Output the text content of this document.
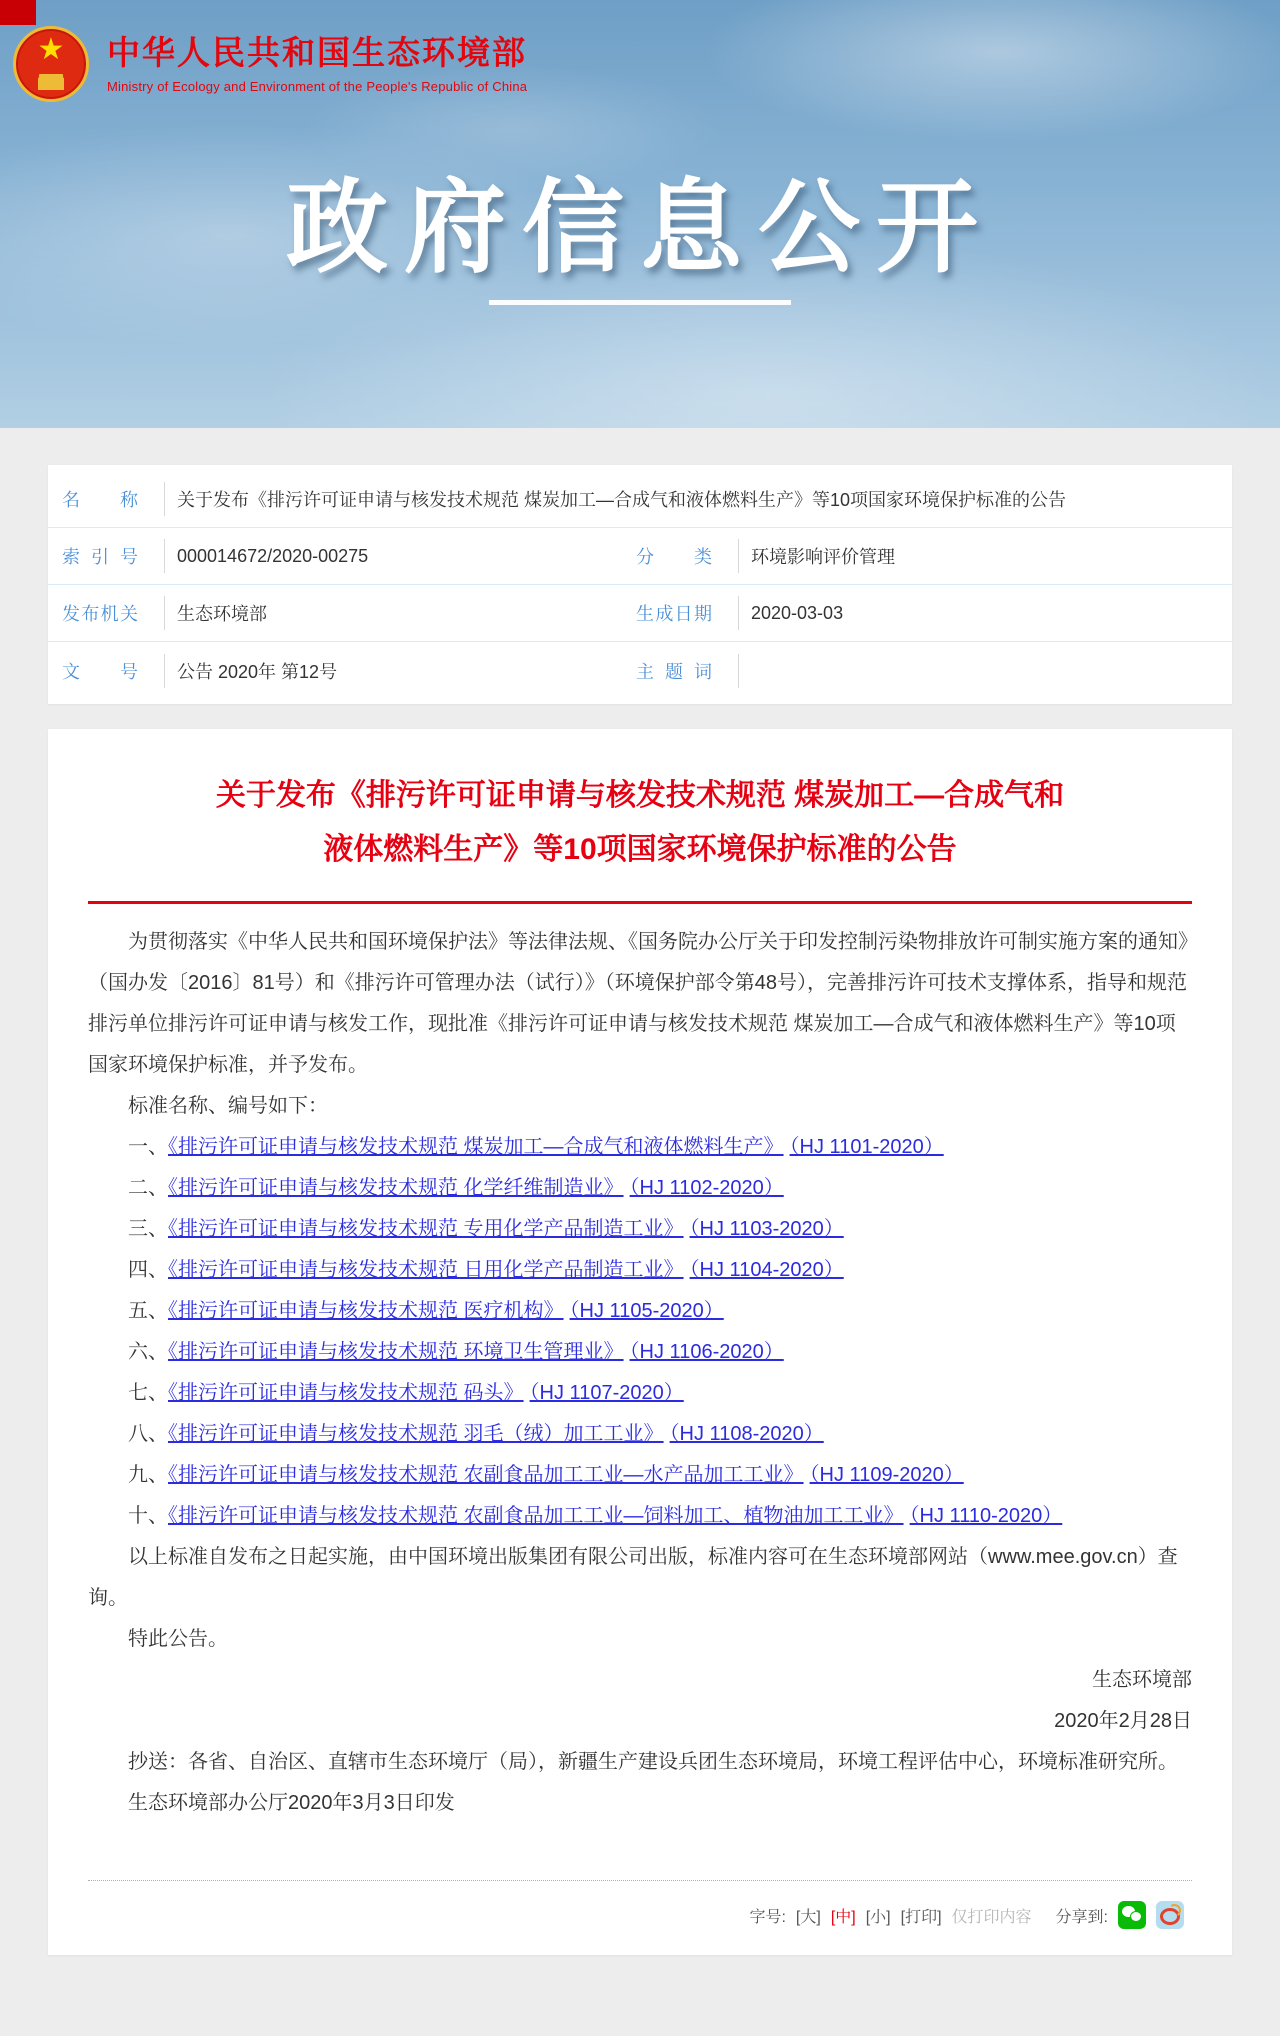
★ 中华人民共和国生态环境部
Ministry of Ecology and Environment of the People's Republic of China
政府信息公开
名称 关于发布《排污许可证申请与核发技术规范 煤炭加工—合成气和液体燃料生产》等10项国家环境保护标准的公告
索引号 000014672/2020-00275	分类 环境影响评价管理
发布机关 生态环境部	生成日期 2020-03-03
文号 公告 2020年 第12号	主题词
关于发布《排污许可证申请与核发技术规范 煤炭加工—合成气和
液体燃料生产》等10项国家环境保护标准的公告

为贯彻落实《中华人民共和国环境保护法》等法律法规、《国务院办公厅关于印发控制污染物排放许可制实施方案的通知》（国办发〔2016〕81号）和《排污许可管理办法（试行）》（环境保护部令第48号），完善排污许可技术支撑体系，指导和规范排污单位排污许可证申请与核发工作，现批准《排污许可证申请与核发技术规范 煤炭加工—合成气和液体燃料生产》等10项国家环境保护标准，并予发布。

标准名称、编号如下：

一、《排污许可证申请与核发技术规范 煤炭加工—合成气和液体燃料生产》 （HJ 1101-2020）
二、《排污许可证申请与核发技术规范 化学纤维制造业》 （HJ 1102-2020）
三、《排污许可证申请与核发技术规范 专用化学产品制造工业》 （HJ 1103-2020）
四、《排污许可证申请与核发技术规范 日用化学产品制造工业》 （HJ 1104-2020）
五、《排污许可证申请与核发技术规范 医疗机构》 （HJ 1105-2020）
六、《排污许可证申请与核发技术规范 环境卫生管理业》 （HJ 1106-2020）
七、《排污许可证申请与核发技术规范 码头》 （HJ 1107-2020）
八、《排污许可证申请与核发技术规范 羽毛（绒）加工工业》 （HJ 1108-2020）
九、《排污许可证申请与核发技术规范 农副食品加工工业—水产品加工工业》 （HJ 1109-2020）
十、《排污许可证申请与核发技术规范 农副食品加工工业—饲料加工、植物油加工工业》 （HJ 1110-2020）

以上标准自发布之日起实施，由中国环境出版集团有限公司出版，标准内容可在生态环境部网站（www.mee.gov.cn）查询。

特此公告。

生态环境部
2020年2月28日

抄送：各省、自治区、直辖市生态环境厅（局），新疆生产建设兵团生态环境局，环境工程评估中心，环境标准研究所。

生态环境部办公厅2020年3月3日印发

字号: [大] [中] [小] [打印] 仅打印内容 分享到:
